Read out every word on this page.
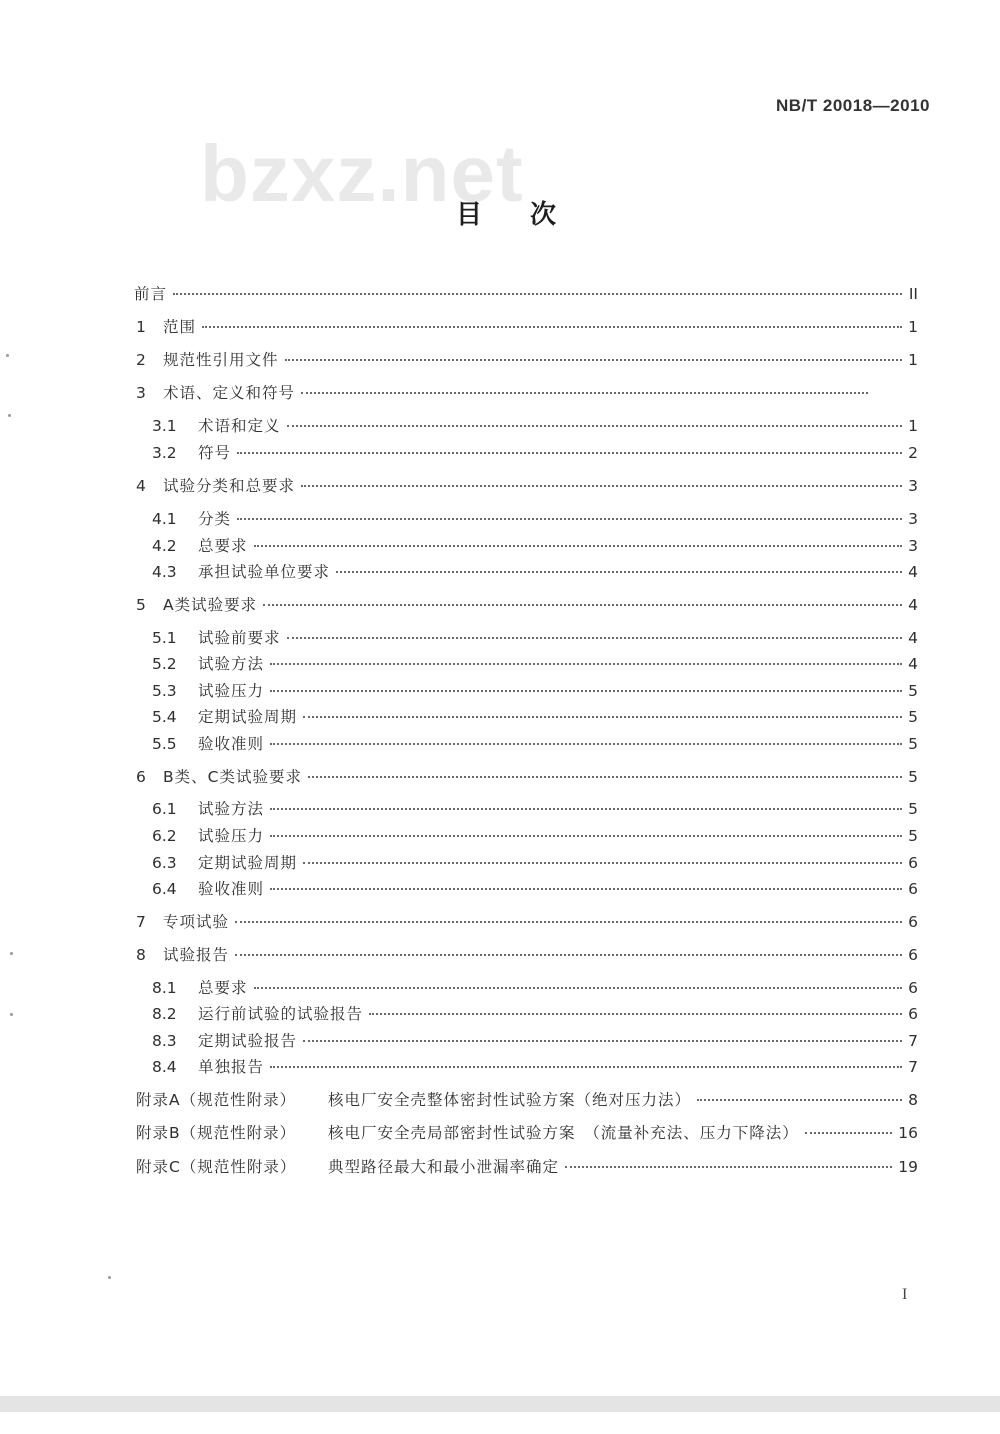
bzxz.net
NB/T 20018—2010
目次
前言	II
1	范围	1
2	规范性引用文件	1
3	术语、定义和符号
3.1	术语和定义	1
3.2	符号	2
4	试验分类和总要求	3
4.1	分类	3
4.2	总要求	3
4.3	承担试验单位要求	4
5	A类试验要求	4
5.1	试验前要求	4
5.2	试验方法	4
5.3	试验压力	5
5.4	定期试验周期	5
5.5	验收准则	5
6	B类、C类试验要求	5
6.1	试验方法	5
6.2	试验压力	5
6.3	定期试验周期	6
6.4	验收准则	6
7	专项试验	6
8	试验报告	6
8.1	总要求	6
8.2	运行前试验的试验报告	6
8.3	定期试验报告	7
8.4	单独报告	7
附录A（规范性附录）	核电厂安全壳整体密封性试验方案（绝对压力法）	8
附录B（规范性附录）	核电厂安全壳局部密封性试验方案　（流量补充法、压力下降法）	16
附录C（规范性附录）	典型路径最大和最小泄漏率确定	19
I
